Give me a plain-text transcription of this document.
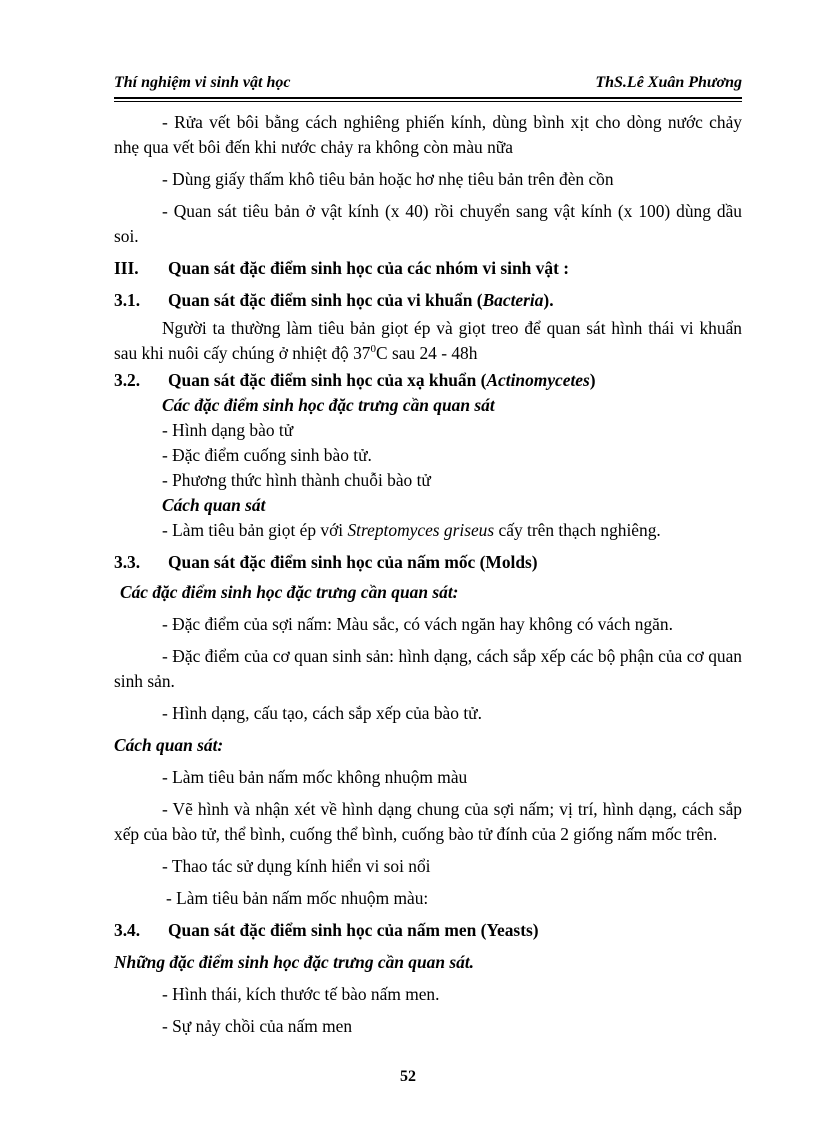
Thí nghiệm vi sinh vật học	ThS.Lê Xuân Phương

- Rửa vết bôi bằng cách nghiêng phiến kính, dùng bình xịt cho dòng nước chảy nhẹ qua vết bôi đến khi nước chảy ra không còn màu nữa

- Dùng giấy thấm khô tiêu bản hoặc hơ nhẹ tiêu bản trên đèn cồn

- Quan sát tiêu bản ở vật kính (x 40) rồi chuyển sang vật kính (x 100) dùng dầu soi.

III. Quan sát đặc điểm sinh học của các nhóm vi sinh vật :

3.1. Quan sát đặc điểm sinh học của vi khuẩn (Bacteria).

Người ta thường làm tiêu bản giọt ép và giọt treo để quan sát hình thái vi khuẩn sau khi nuôi cấy chúng ở nhiệt độ $37^0C$ sau 24 - 48h

3.2. Quan sát đặc điểm sinh học của xạ khuẩn (Actinomycetes)

Các đặc điểm sinh học đặc trưng cần quan sát

- Hình dạng bào tử

- Đặc điểm cuống sinh bào tử.

- Phương thức hình thành chuỗi bào tử

Cách quan sát

- Làm tiêu bản giọt ép với Streptomyces griseus cấy trên thạch nghiêng.

3.3. Quan sát đặc điểm sinh học của nấm mốc (Molds)

Các đặc điểm sinh học đặc trưng cần quan sát:

- Đặc điểm của sợi nấm: Màu sắc, có vách ngăn hay không có vách ngăn.

- Đặc điểm của cơ quan sinh sản: hình dạng, cách sắp xếp các bộ phận của cơ quan sinh sản.

- Hình dạng, cấu tạo, cách sắp xếp của bào tử.

Cách quan sát:

- Làm tiêu bản nấm mốc không nhuộm màu

- Vẽ hình và nhận xét về hình dạng chung của sợi nấm; vị trí, hình dạng, cách sắp xếp của bào tử, thể bình, cuống thể bình, cuống bào tử đính của 2 giống nấm mốc trên.

- Thao tác sử dụng kính hiển vi soi nổi

- Làm tiêu bản nấm mốc nhuộm màu:

3.4. Quan sát đặc điểm sinh học của nấm men (Yeasts)

Những đặc điểm sinh học đặc trưng cần quan sát.

- Hình thái, kích thước tế bào nấm men.

- Sự nảy chồi của nấm men

52
